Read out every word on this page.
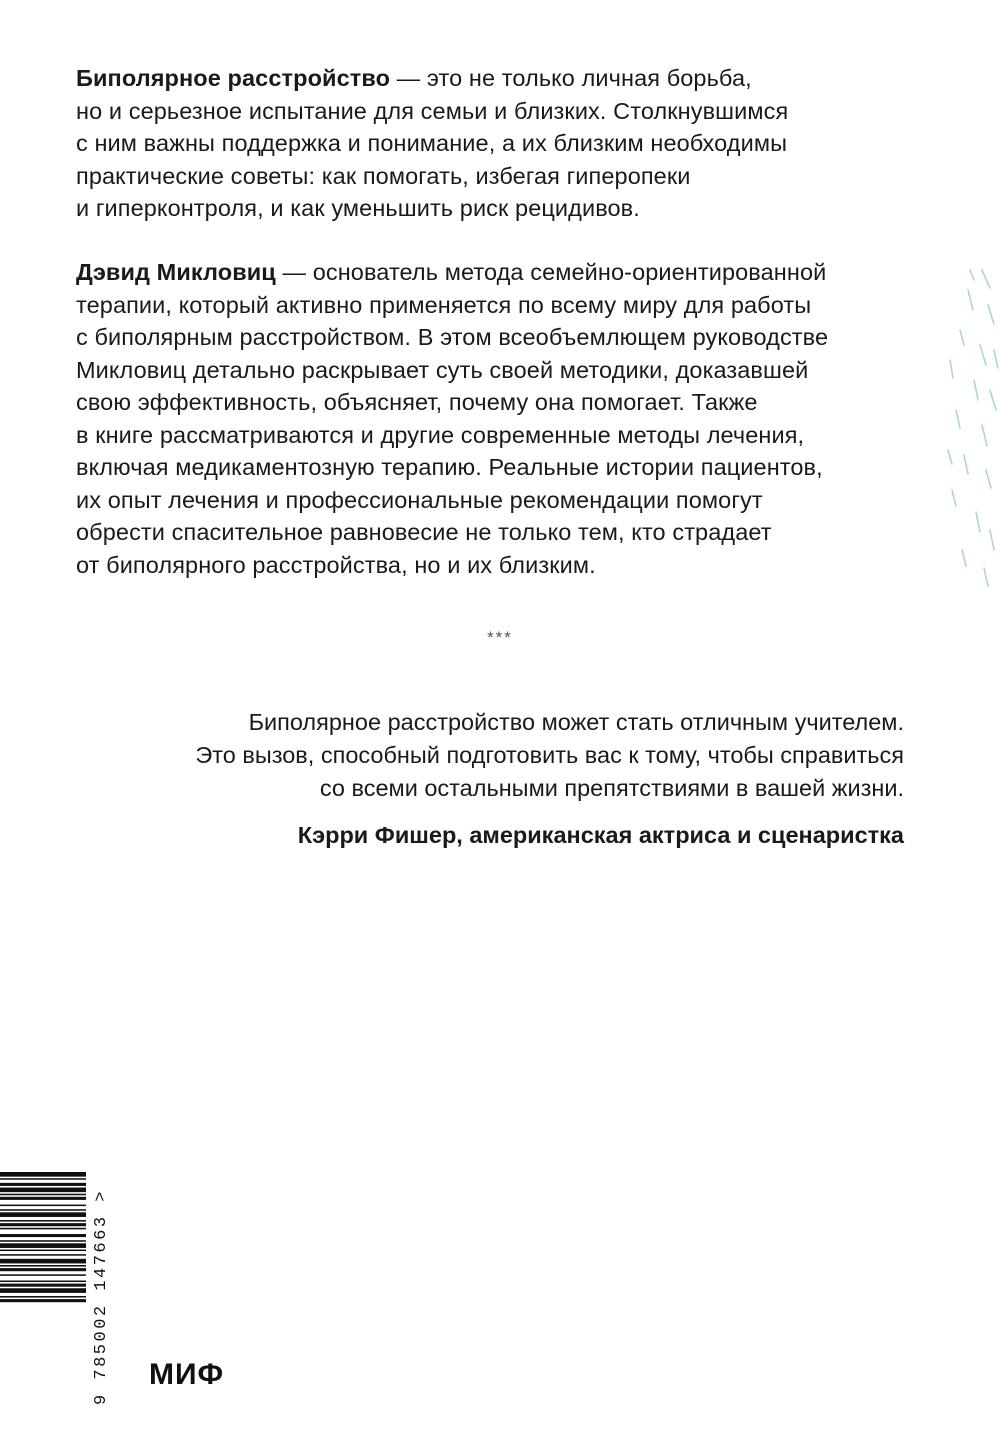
Биполярное расстройство — это не только личная борьба,
но и серьезное испытание для семьи и близких. Столкнувшимся
с ним важны поддержка и понимание, а их близким необходимы
практические советы: как помогать, избегая гиперопеки
и гиперконтроля, и как уменьшить риск рецидивов.
Дэвид Микловиц — основатель метода семейно-ориентированной
терапии, который активно применяется по всему миру для работы
с биполярным расстройством. В этом всеобъемлющем руководстве
Микловиц детально раскрывает суть своей методики, доказавшей
свою эффективность, объясняет, почему она помогает. Также
в книге рассматриваются и другие современные методы лечения,
включая медикаментозную терапию. Реальные истории пациентов,
их опыт лечения и профессиональные рекомендации помогут
обрести спасительное равновесие не только тем, кто страдает
от биполярного расстройства, но и их близким.
***
Биполярное расстройство может стать отличным учителем.
Это вызов, способный подготовить вас к тому, чтобы справиться
со всеми остальными препятствиями в вашей жизни.
Кэрри Фишер, американская актриса и сценаристка
9 785002 147663 > МИФ
